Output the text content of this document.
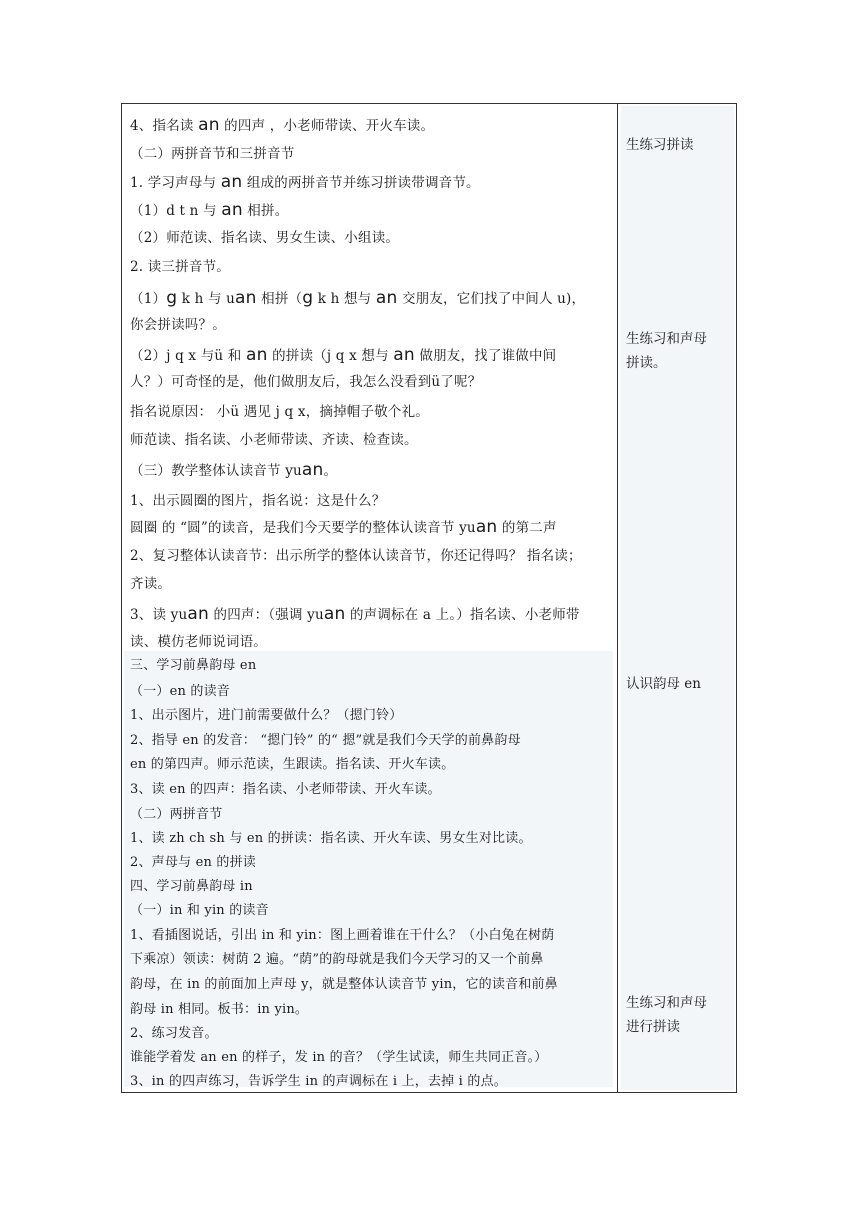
4、指名读 an 的四声 ，小老师带读、开火车读。
（二）两拼音节和三拼音节
1. 学习声母与 an 组成的两拼音节并练习拼读带调音节。
（1）d t n 与 an 相拼。
（2）师范读、指名读、男女生读、小组读。
2. 读三拼音节。
（1）g k h 与 uan 相拼（g k h 想与 an 交朋友，它们找了中间人 u)，
你会拼读吗？。
（2）j q x 与ü 和 an 的拼读（j q x 想与 an 做朋友，找了谁做中间
人？）可奇怪的是，他们做朋友后，我怎么没看到ü了呢？
指名说原因： 小ü 遇见 j q x，摘掉帽子敬个礼。
师范读、指名读、小老师带读、齐读、检查读。
（三）教学整体认读音节 yuan。
1、出示圆圈的图片，指名说：这是什么？
圆圈 的 “圆”的读音，是我们今天要学的整体认读音节 yuan 的第二声
2、复习整体认读音节：出示所学的整体认读音节，你还记得吗？ 指名读；
齐读。
3、读 yuan 的四声：（强调 yuan 的声调标在 a 上。）指名读、小老师带
读、模仿老师说词语。
三、学习前鼻韵母 en
（一）en 的读音
1、出示图片，进门前需要做什么？（摁门铃）
2、指导 en 的发音： “摁门铃” 的“ 摁”就是我们今天学的前鼻韵母
en 的第四声。师示范读，生跟读。指名读、开火车读。
3、读 en 的四声：指名读、小老师带读、开火车读。
（二）两拼音节
1、读 zh ch sh 与 en 的拼读：指名读、开火车读、男女生对比读。
2、声母与 en 的拼读
四、学习前鼻韵母 in
（一）in 和 yin 的读音
1、看插图说话，引出 in 和 yin：图上画着谁在干什么？（小白兔在树荫
下乘凉）领读：树荫 2 遍。“荫”的韵母就是我们今天学习的又一个前鼻
韵母，在 in 的前面加上声母 y，就是整体认读音节 yin，它的读音和前鼻
韵母 in 相同。板书：in yin。
2、练习发音。
谁能学着发 an en 的样子，发 in 的音？（学生试读，师生共同正音。）
3、in 的四声练习，告诉学生 in 的声调标在 i 上，去掉 i 的点。
生练习拼读
生练习和声母
拼读。
认识韵母 en
生练习和声母
进行拼读
